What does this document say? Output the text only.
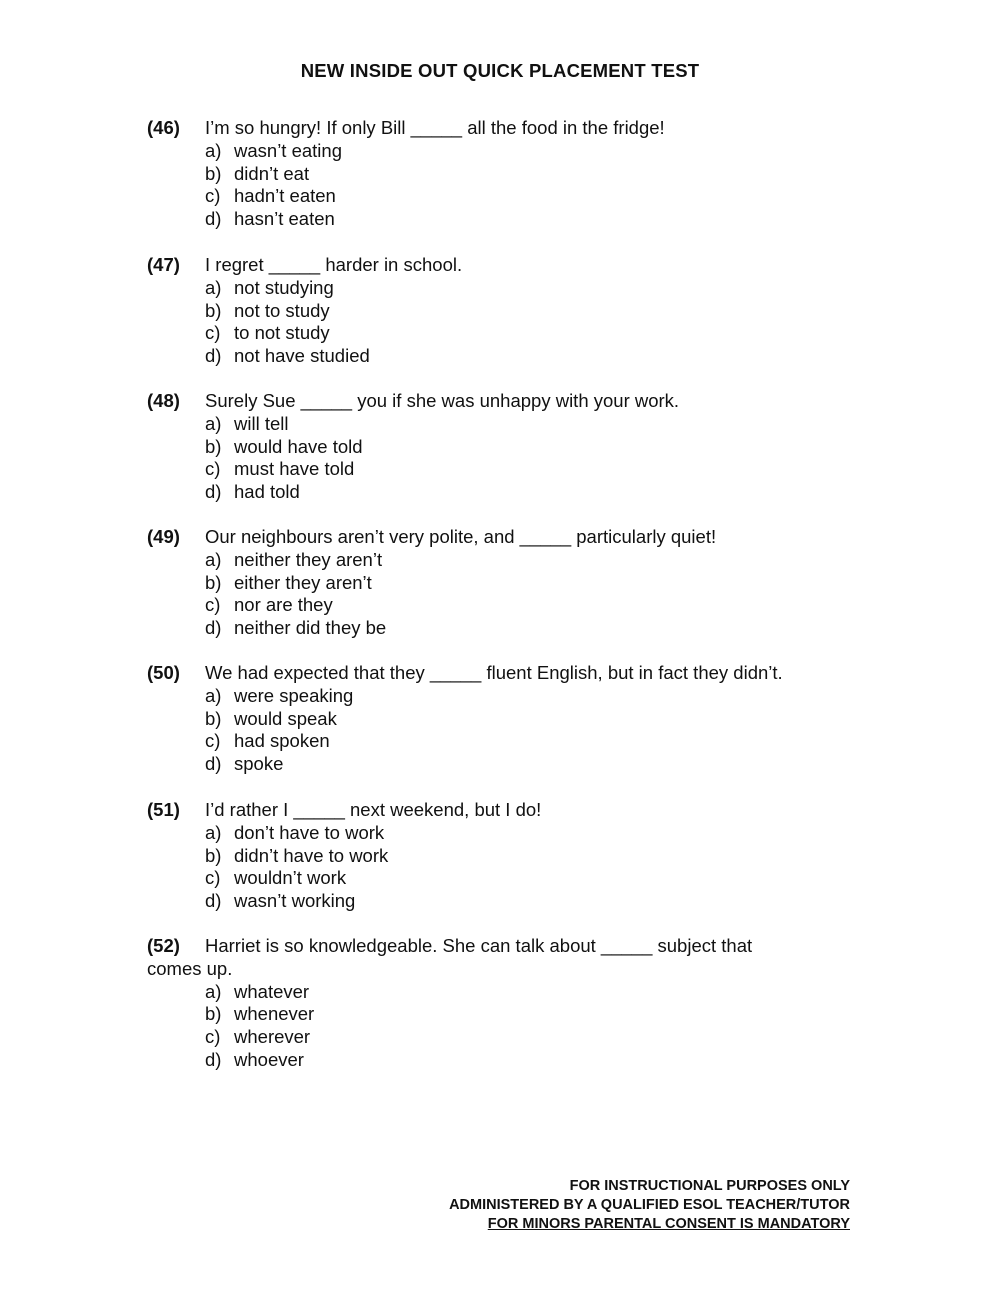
NEW INSIDE OUT QUICK PLACEMENT TEST
(46) I’m so hungry! If only Bill _____ all the food in the fridge!
a) wasn’t eating
b) didn’t eat
c) hadn’t eaten
d) hasn’t eaten
(47) I regret _____ harder in school.
a) not studying
b) not to study
c) to not study
d) not have studied
(48) Surely Sue _____ you if she was unhappy with your work.
a) will tell
b) would have told
c) must have told
d) had told
(49) Our neighbours aren’t very polite, and _____ particularly quiet!
a) neither they aren’t
b) either they aren’t
c) nor are they
d) neither did they be
(50) We had expected that they _____ fluent English, but in fact they didn’t.
a) were speaking
b) would speak
c) had spoken
d) spoke
(51) I’d rather I _____ next weekend, but I do!
a) don’t have to work
b) didn’t have to work
c) wouldn’t work
d) wasn’t working
(52) Harriet is so knowledgeable. She can talk about _____ subject that
comes up.
a) whatever
b) whenever
c) wherever
d) whoever
FOR INSTRUCTIONAL PURPOSES ONLY
ADMINISTERED BY A QUALIFIED ESOL TEACHER/TUTOR
FOR MINORS PARENTAL CONSENT IS MANDATORY
